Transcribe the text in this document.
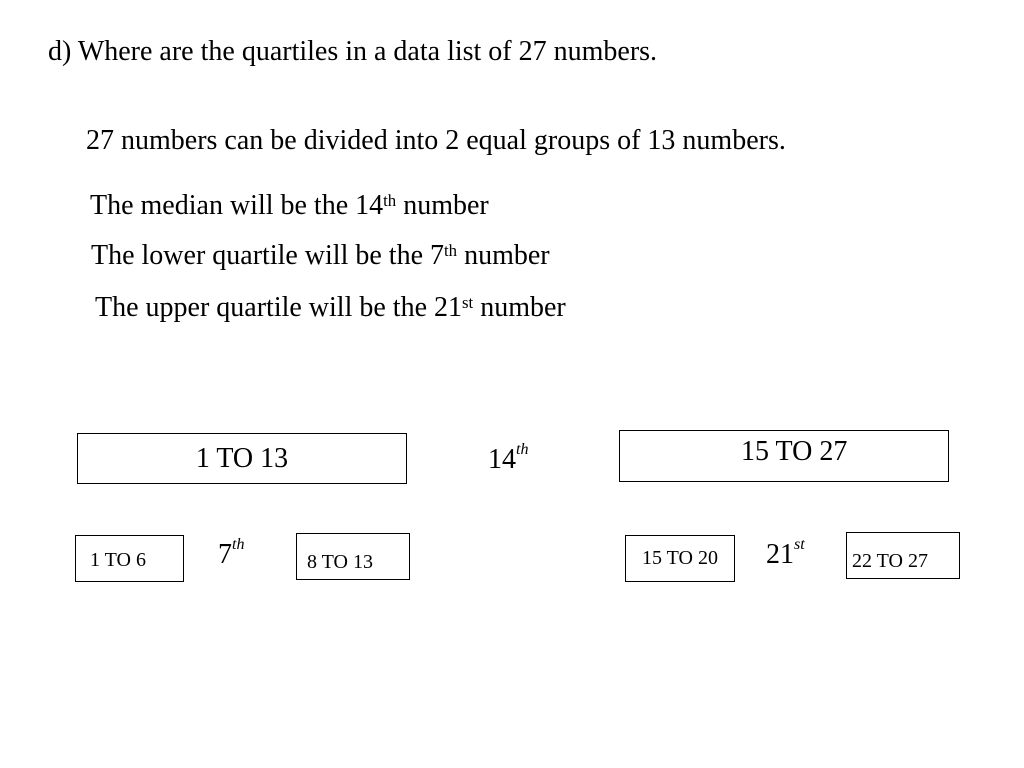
d) Where are the quartiles in a data list of 27 numbers.

27 numbers can be divided into 2 equal groups of 13 numbers.

The median will be the 14th number

The lower quartile will be the 7th number

The upper quartile will be the 21st number

1 TO 13	14th	15 TO 27
1 TO 6	7th
8 TO 13	15 TO 20 21st
22 TO 27
